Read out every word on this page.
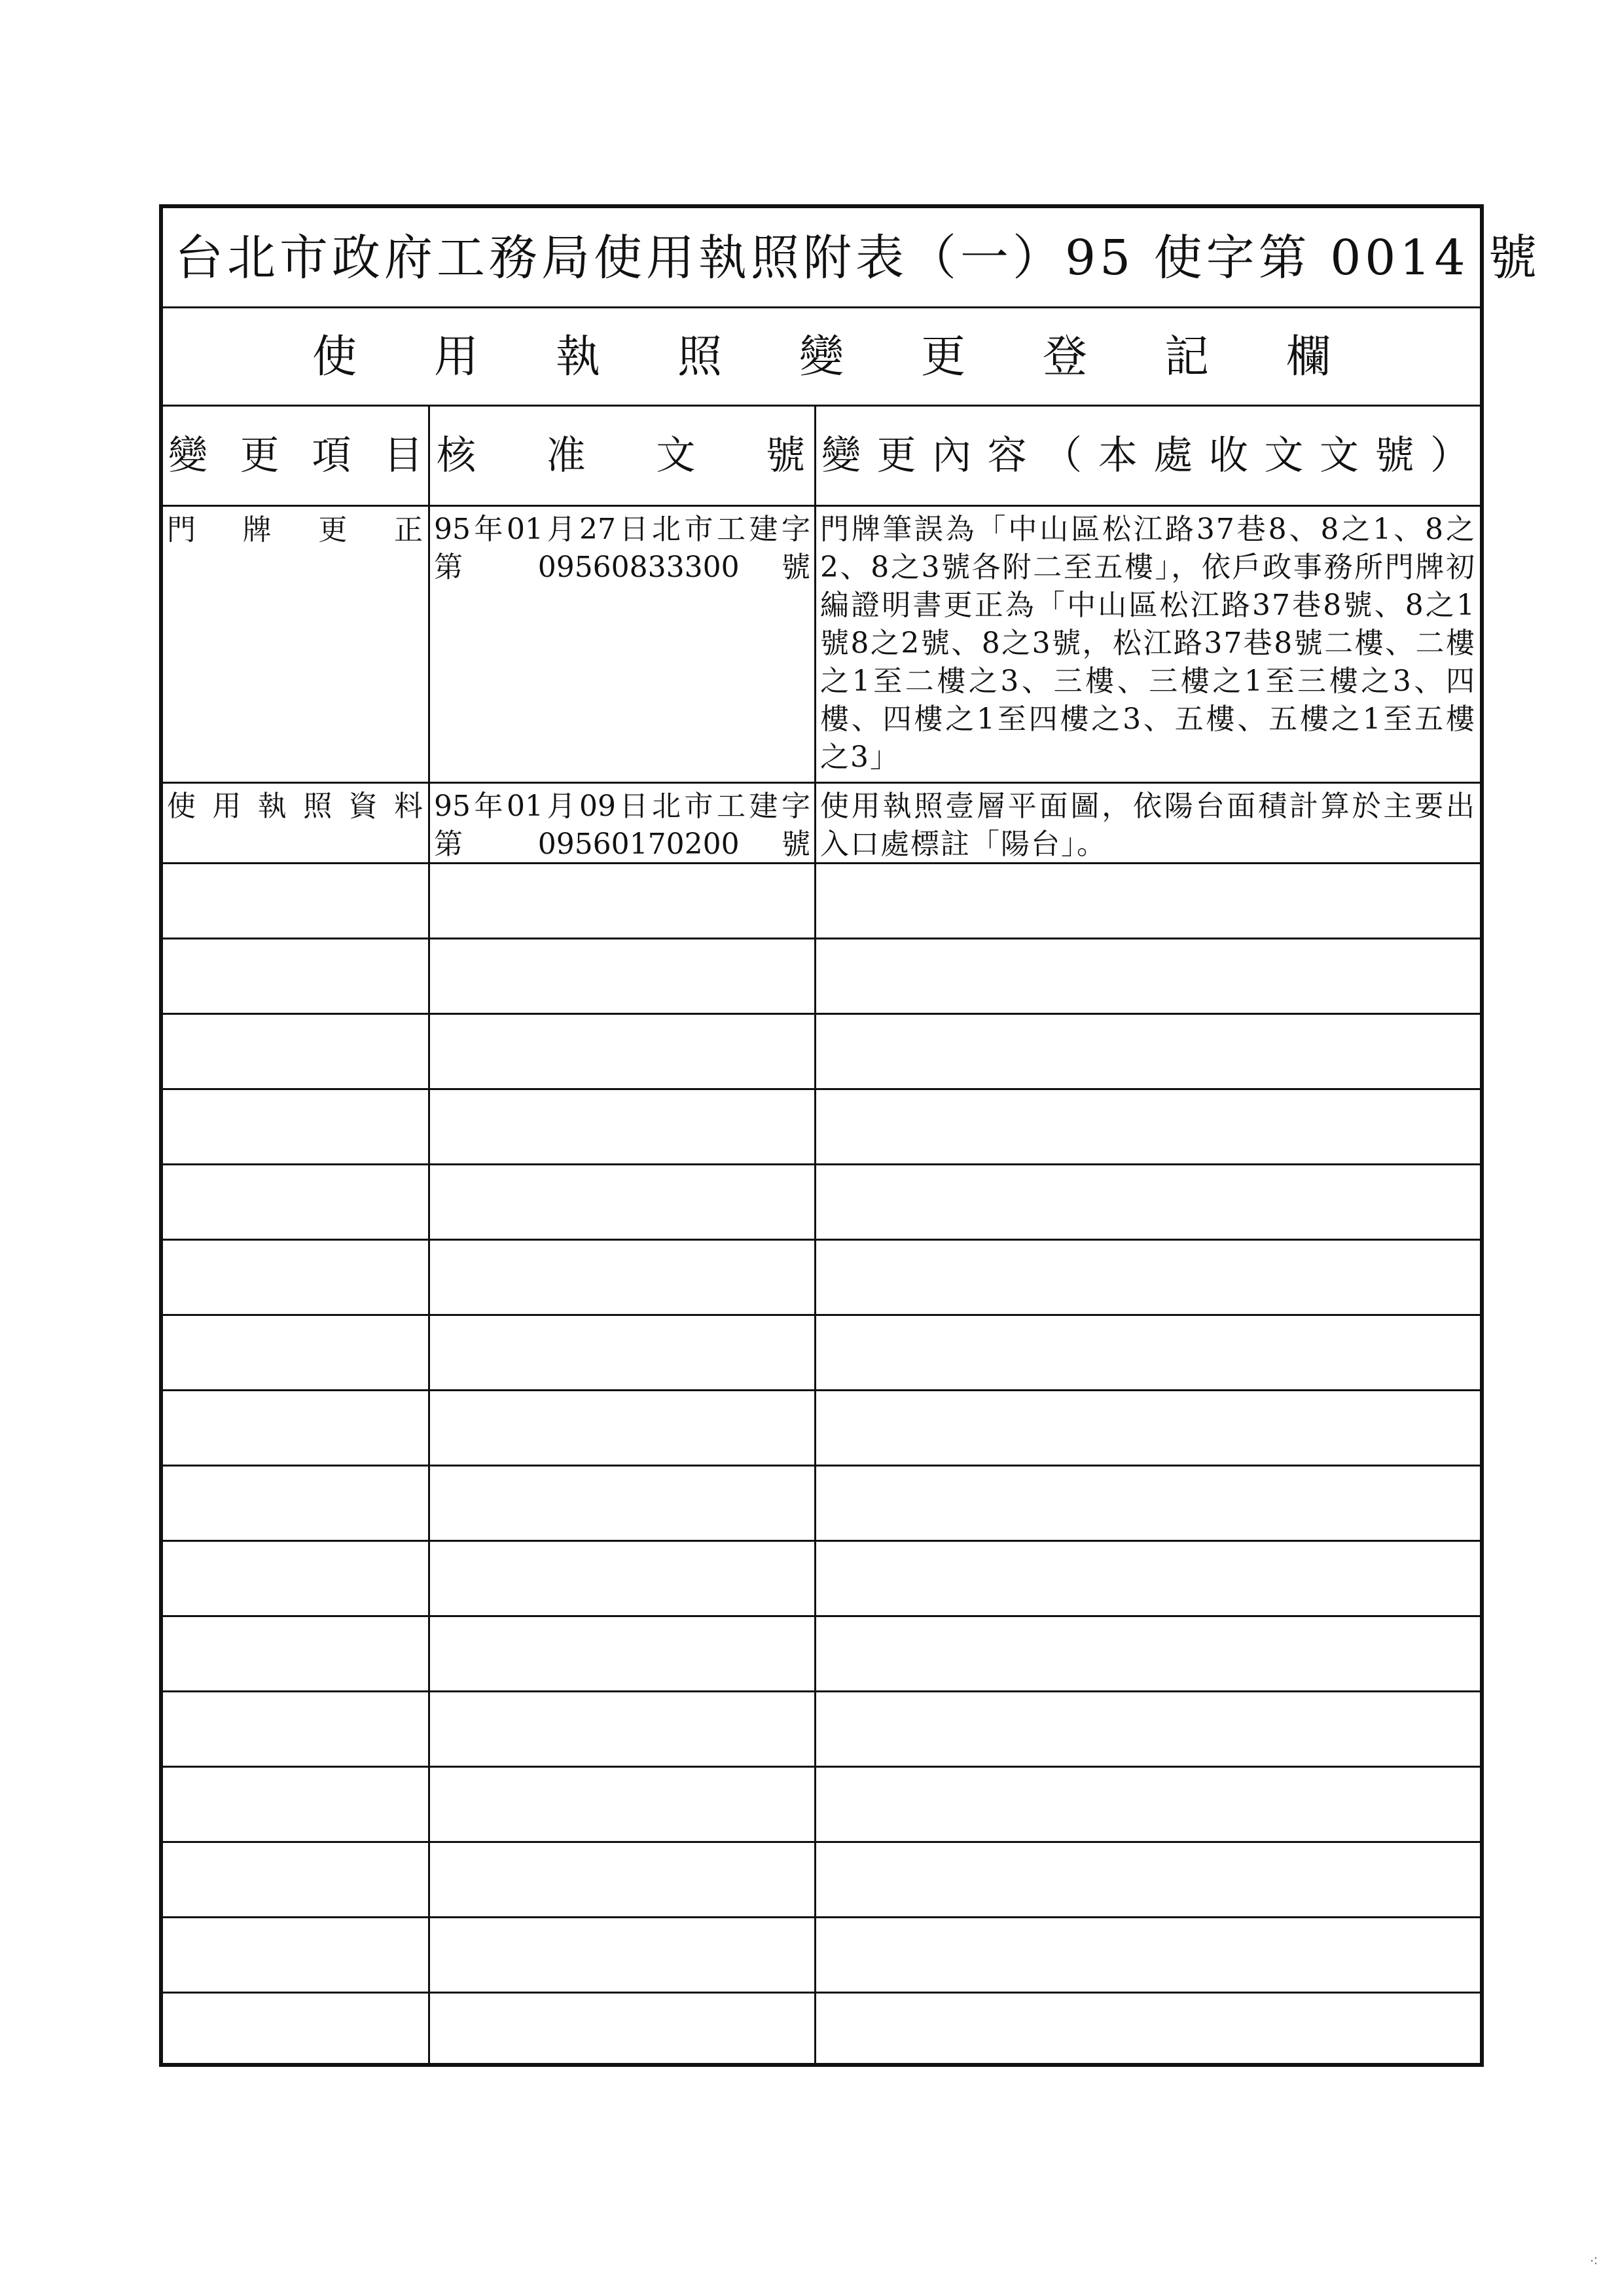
台北市政府工務局使用執照附表（一）95 使字第 0014 號
使用執照變更登記欄
變更項目 核准文號 變更內容（本處收文文號）
門牌更正 95年01月27日北市工建字
第 09560833300 號
門牌筆誤為「中山區松江路37巷8、8之1、8之2、8之3號各附二至五樓」，依戶政事務所門牌初編證明書更正為「中山區松江路37巷8號、8之1號8之2號、8之3號，松江路37巷8號二樓、二樓之1至二樓之3、三樓、三樓之1至三樓之3、四樓、四樓之1至四樓之3、五樓、五樓之1至五樓之3」
使用執照資料 95年01月09日北市工建字
第 09560170200 號
使用執照壹層平面圖，依陽台面積計算於主要出入口處標註「陽台」。
⁖
